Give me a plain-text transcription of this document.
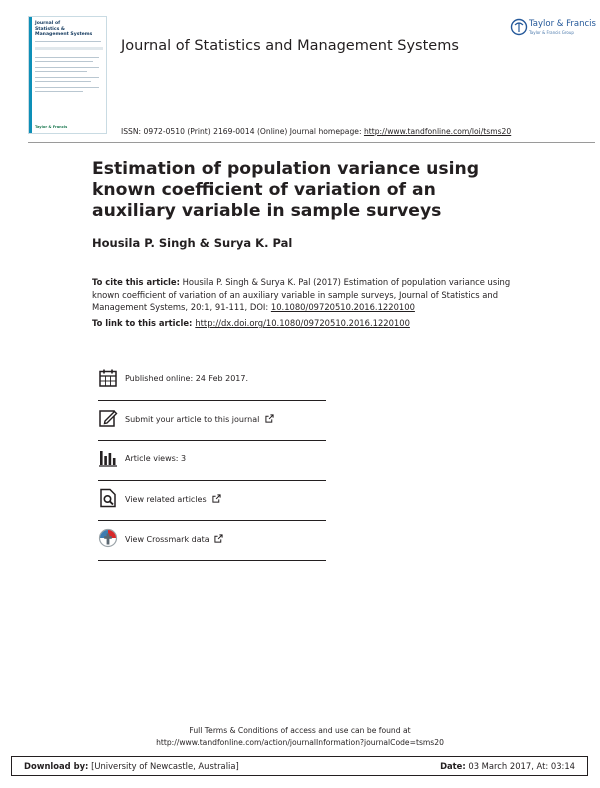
Journal of
Statistics &
Management Systems
Taylor & Francis
Taylor & Francis
Taylor & Francis Group
Journal of Statistics and Management Systems
ISSN: 0972-0510 (Print) 2169-0014 (Online) Journal homepage: http://www.tandfonline.com/loi/tsms20
Estimation of population variance using known coefficient of variation of an auxiliary variable in sample surveys
Housila P. Singh & Surya K. Pal
To cite this article: Housila P. Singh & Surya K. Pal (2017) Estimation of population variance using known coefficient of variation of an auxiliary variable in sample surveys, Journal of Statistics and Management Systems, 20:1, 91-111, DOI: 10.1080/09720510.2016.1220100
To link to this article: http://dx.doi.org/10.1080/09720510.2016.1220100
Published online: 24 Feb 2017.
Submit your article to this journal
Article views: 3
View related articles
View Crossmark data
Full Terms & Conditions of access and use can be found at
http://www.tandfonline.com/action/journalInformation?journalCode=tsms20
Download by: [University of Newcastle, Australia]	Date: 03 March 2017, At: 03:14
